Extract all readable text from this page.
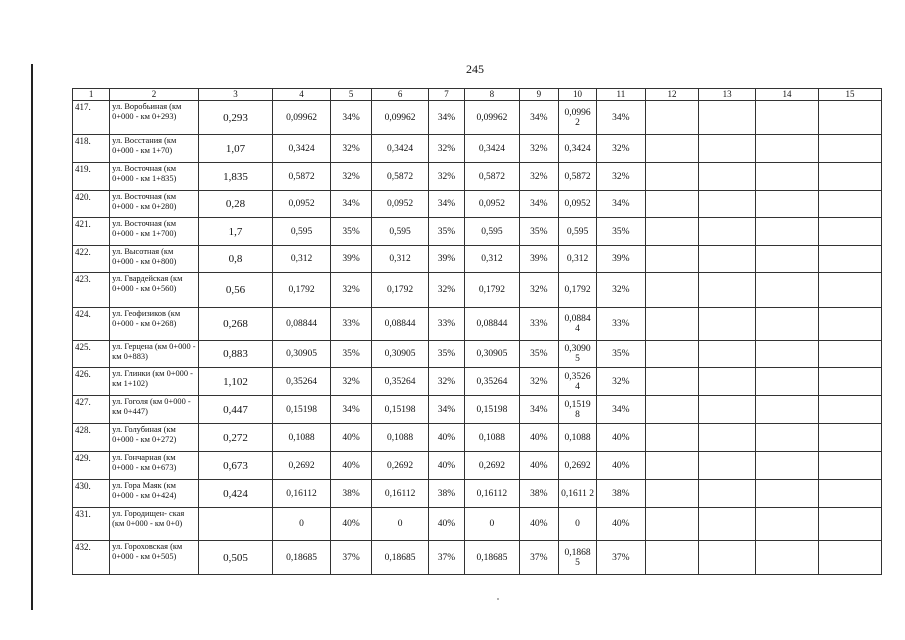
245
1	2	3	4	5	6	7	8	9	10	11	12	13	14	15
417.	ул. Воробьиная (км 0+000 - км 0+293)	0,293	0,09962	34%	0,09962	34%	0,09962	34%	0,0996 2	34%				
418.	ул. Восстания (км 0+000 - км 1+70)	1,07	0,3424	32%	0,3424	32%	0,3424	32%	0,3424	32%				
419.	ул. Восточная (км 0+000 - км 1+835)	1,835	0,5872	32%	0,5872	32%	0,5872	32%	0,5872	32%				
420.	ул. Восточная (км 0+000 - км 0+280)	0,28	0,0952	34%	0,0952	34%	0,0952	34%	0,0952	34%				
421.	ул. Восточная (км 0+000 - км 1+700)	1,7	0,595	35%	0,595	35%	0,595	35%	0,595	35%				
422.	ул. Высотная (км 0+000 - км 0+800)	0,8	0,312	39%	0,312	39%	0,312	39%	0,312	39%				
423.	ул. Гвардейская (км 0+000 - км 0+560)	0,56	0,1792	32%	0,1792	32%	0,1792	32%	0,1792	32%				
424.	ул. Геофизиков (км 0+000 - км 0+268)	0,268	0,08844	33%	0,08844	33%	0,08844	33%	0,0884 4	33%				
425.	ул. Герцена (км 0+000 - км 0+883)	0,883	0,30905	35%	0,30905	35%	0,30905	35%	0,3090 5	35%				
426.	ул. Глинки (км 0+000 - км 1+102)	1,102	0,35264	32%	0,35264	32%	0,35264	32%	0,3526 4	32%				
427.	ул. Гоголя (км 0+000 - км 0+447)	0,447	0,15198	34%	0,15198	34%	0,15198	34%	0,1519 8	34%				
428.	ул. Голубиная (км 0+000 - км 0+272)	0,272	0,1088	40%	0,1088	40%	0,1088	40%	0,1088	40%				
429.	ул. Гончарная (км 0+000 - км 0+673)	0,673	0,2692	40%	0,2692	40%	0,2692	40%	0,2692	40%				
430.	ул. Гора Маяк (км 0+000 - км 0+424)	0,424	0,16112	38%	0,16112	38%	0,16112	38%	0,1611 2	38%				
431.	ул. Городищен- ская (км 0+000 - км 0+0)		0	40%	0	40%	0	40%	0	40%				
432.	ул. Гороховская (км 0+000 - км 0+505)	0,505	0,18685	37%	0,18685	37%	0,18685	37%	0,1868 5	37%				
